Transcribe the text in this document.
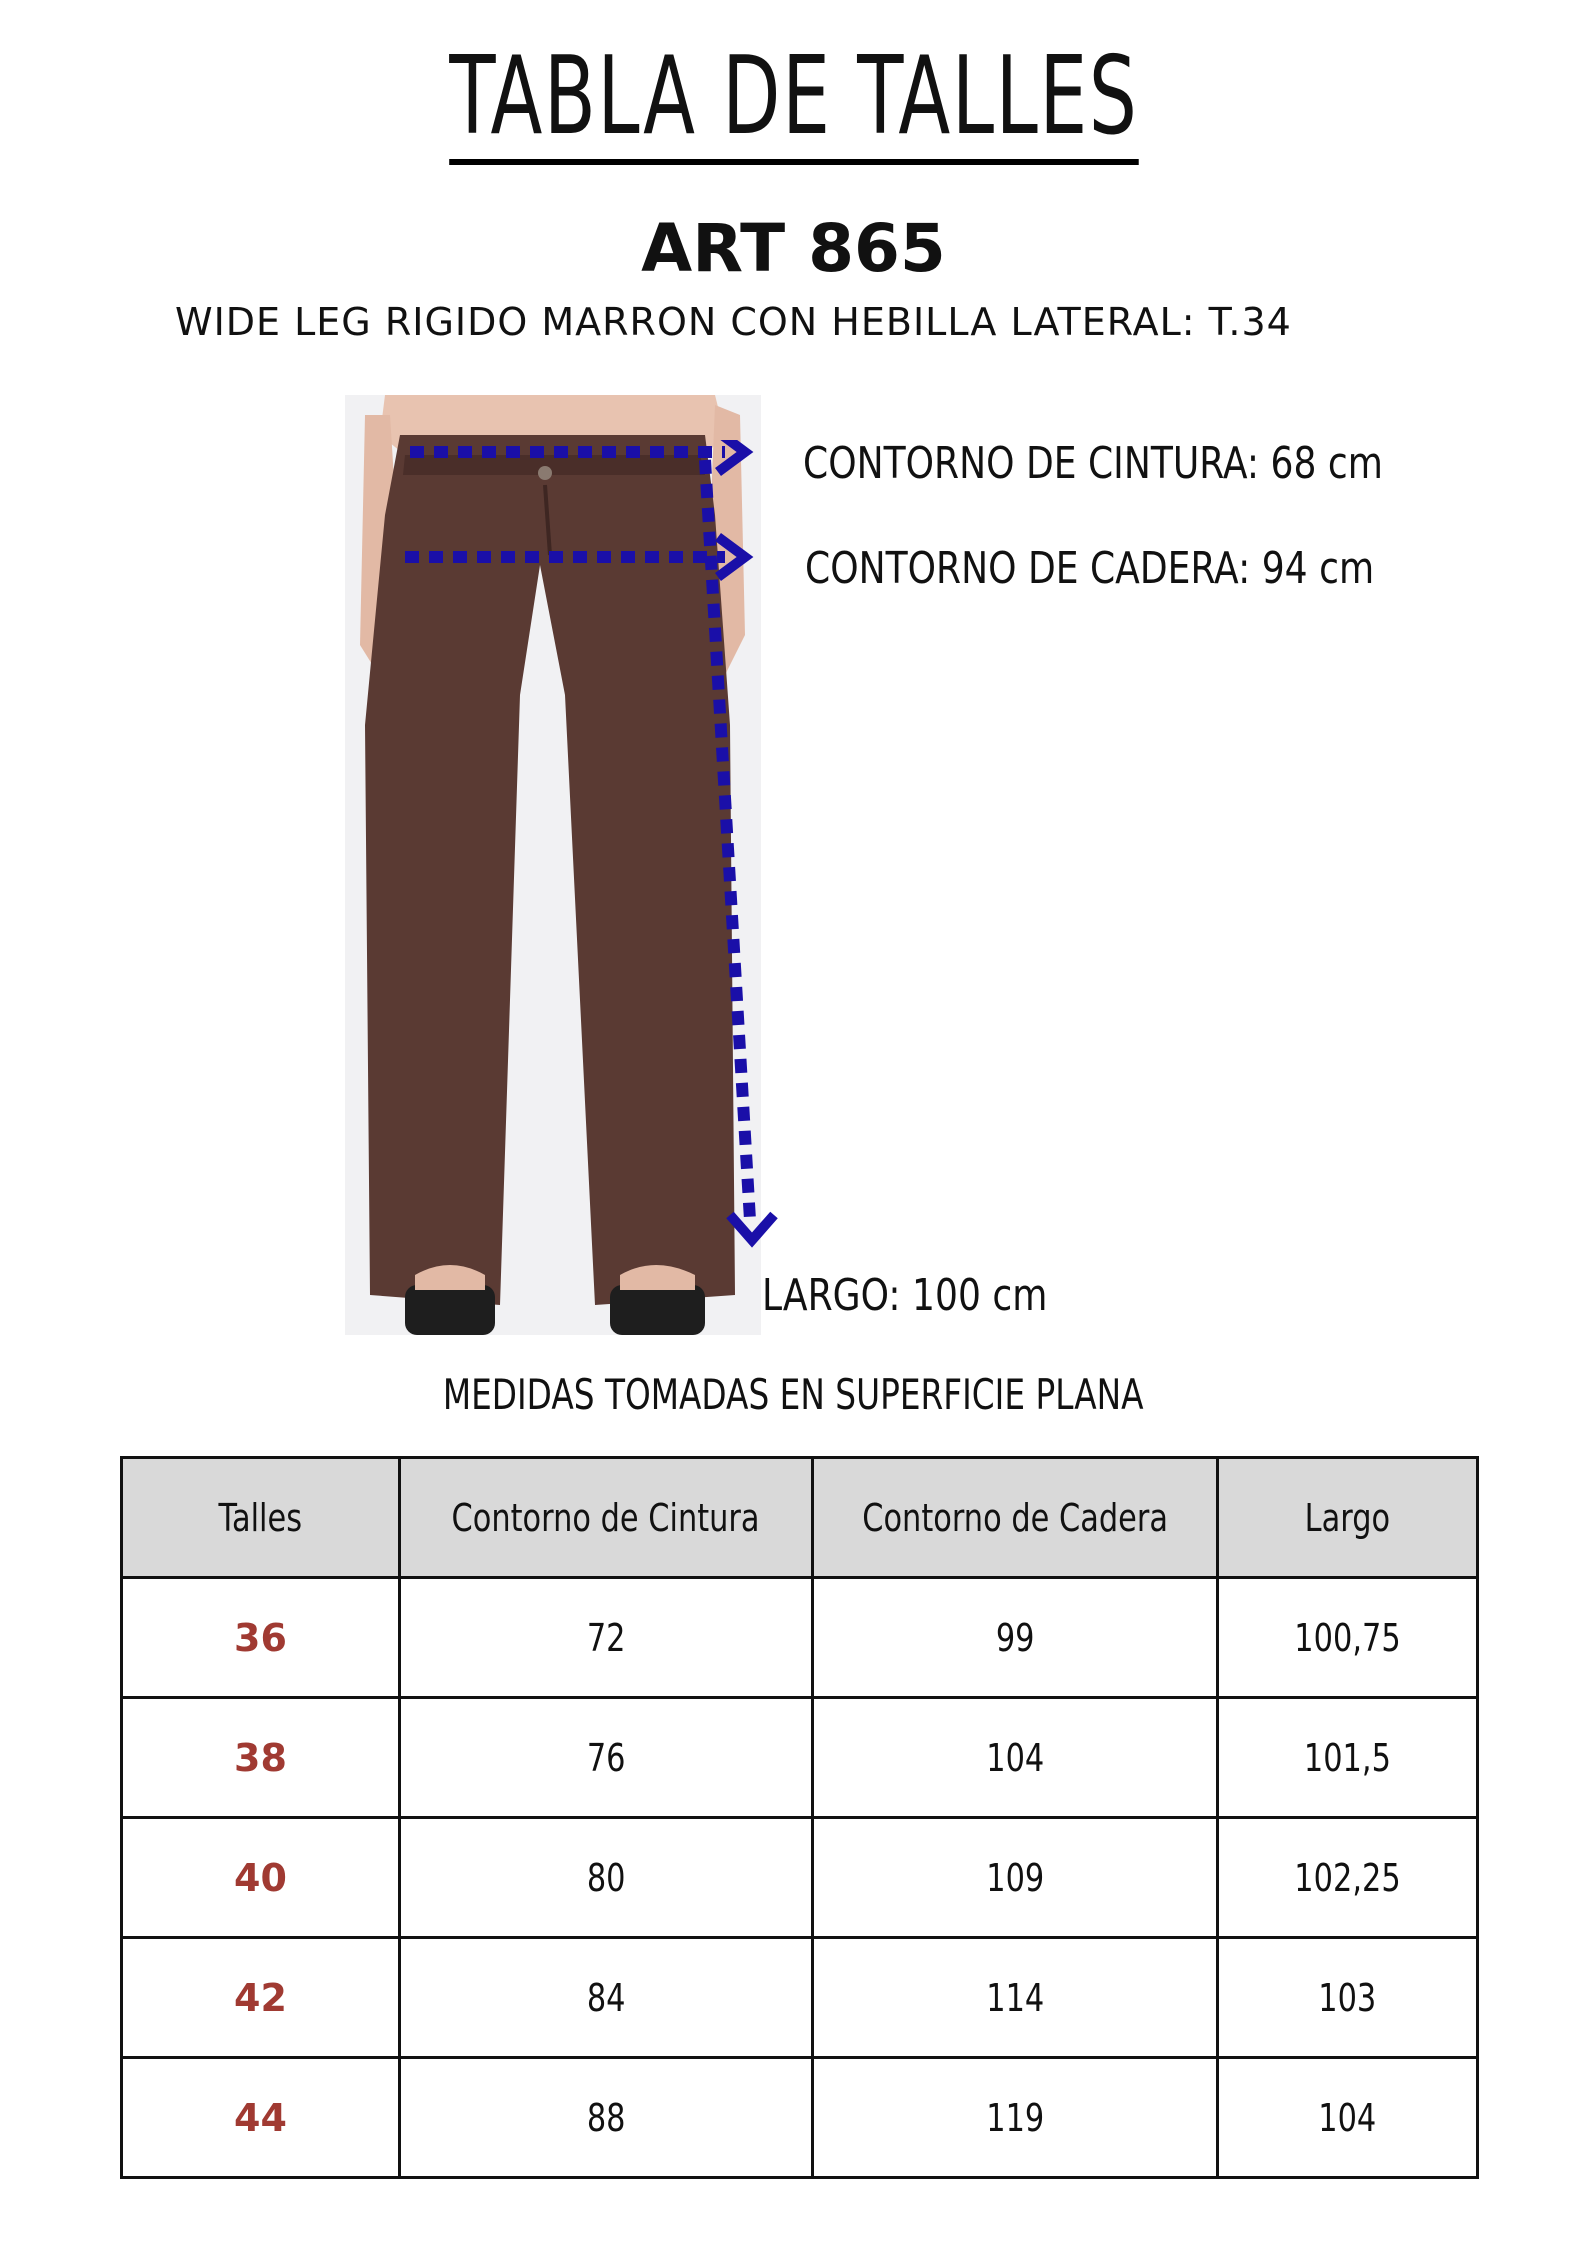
TABLA DE TALLES
ART 865
WIDE LEG RIGIDO MARRON CON HEBILLA LATERAL: T.34
CONTORNO DE CINTURA: 68 cm
CONTORNO DE CADERA: 94 cm
LARGO: 100 cm
MEDIDAS TOMADAS EN SUPERFICIE PLANA
Talles	Contorno de Cintura	Contorno de Cadera	Largo
36	72	99	100,75
38	76	104	101,5
40	80	109	102,25
42	84	114	103
44	88	119	104
